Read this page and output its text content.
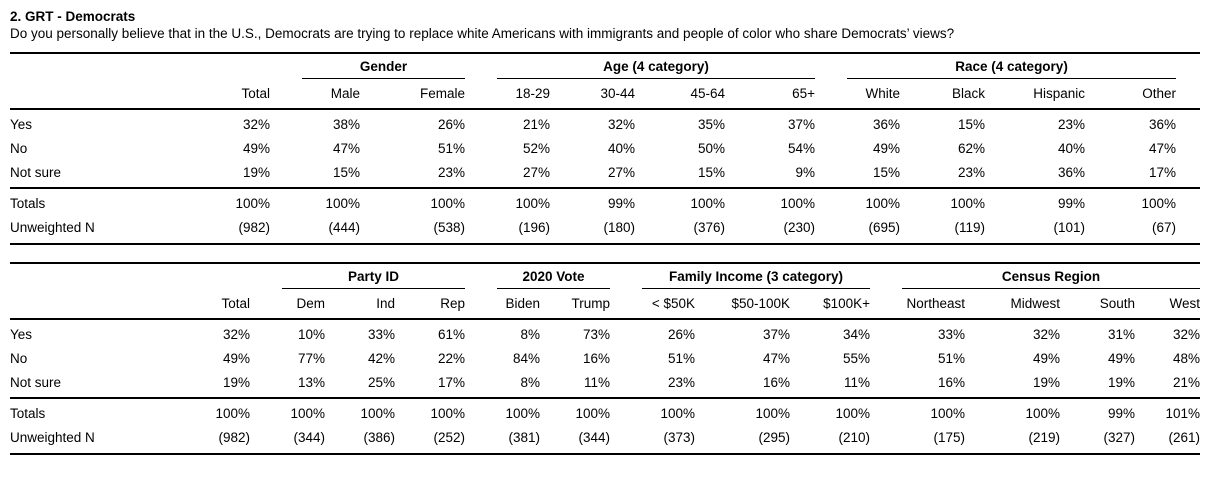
2. GRT - Democrats
Do you personally believe that in the U.S., Democrats are trying to replace white Americans with immigrants and people of color who share Democrats’ views?

		Gender		Age (4 category)				Race (4 category)			

	Total	Male	Female	18-29	30-44	45-64	65+	White	Black	Hispanic	Other
Yes	32%	38%	26%	21%	32%	35%	37%	36%	15%	23%	36%
No	49%	47%	51%	52%	40%	50%	54%	49%	62%	40%	47%
Not sure	19%	15%	23%	27%	27%	15%	9%	15%	23%	36%	17%
Totals	100%	100%	100%	100%	99%	100%	100%	100%	100%	99%	100%
Unweighted N	(982)	(444)	(538)	(196)	(180)	(376)	(230)	(695)	(119)	(101)	(67)

		Party ID			2020 Vote		Family Income (3 category)			Census Region			

	Total	Dem	Ind	Rep	Biden	Trump	< $50K	$50-100K	$100K+	Northeast	Midwest	South	West
Yes	32%	10%	33%	61%	8%	73%	26%	37%	34%	33%	32%	31%	32%
No	49%	77%	42%	22%	84%	16%	51%	47%	55%	51%	49%	49%	48%
Not sure	19%	13%	25%	17%	8%	11%	23%	16%	11%	16%	19%	19%	21%
Totals	100%	100%	100%	100%	100%	100%	100%	100%	100%	100%	100%	99%	101%
Unweighted N	(982)	(344)	(386)	(252)	(381)	(344)	(373)	(295)	(210)	(175)	(219)	(327)	(261)
